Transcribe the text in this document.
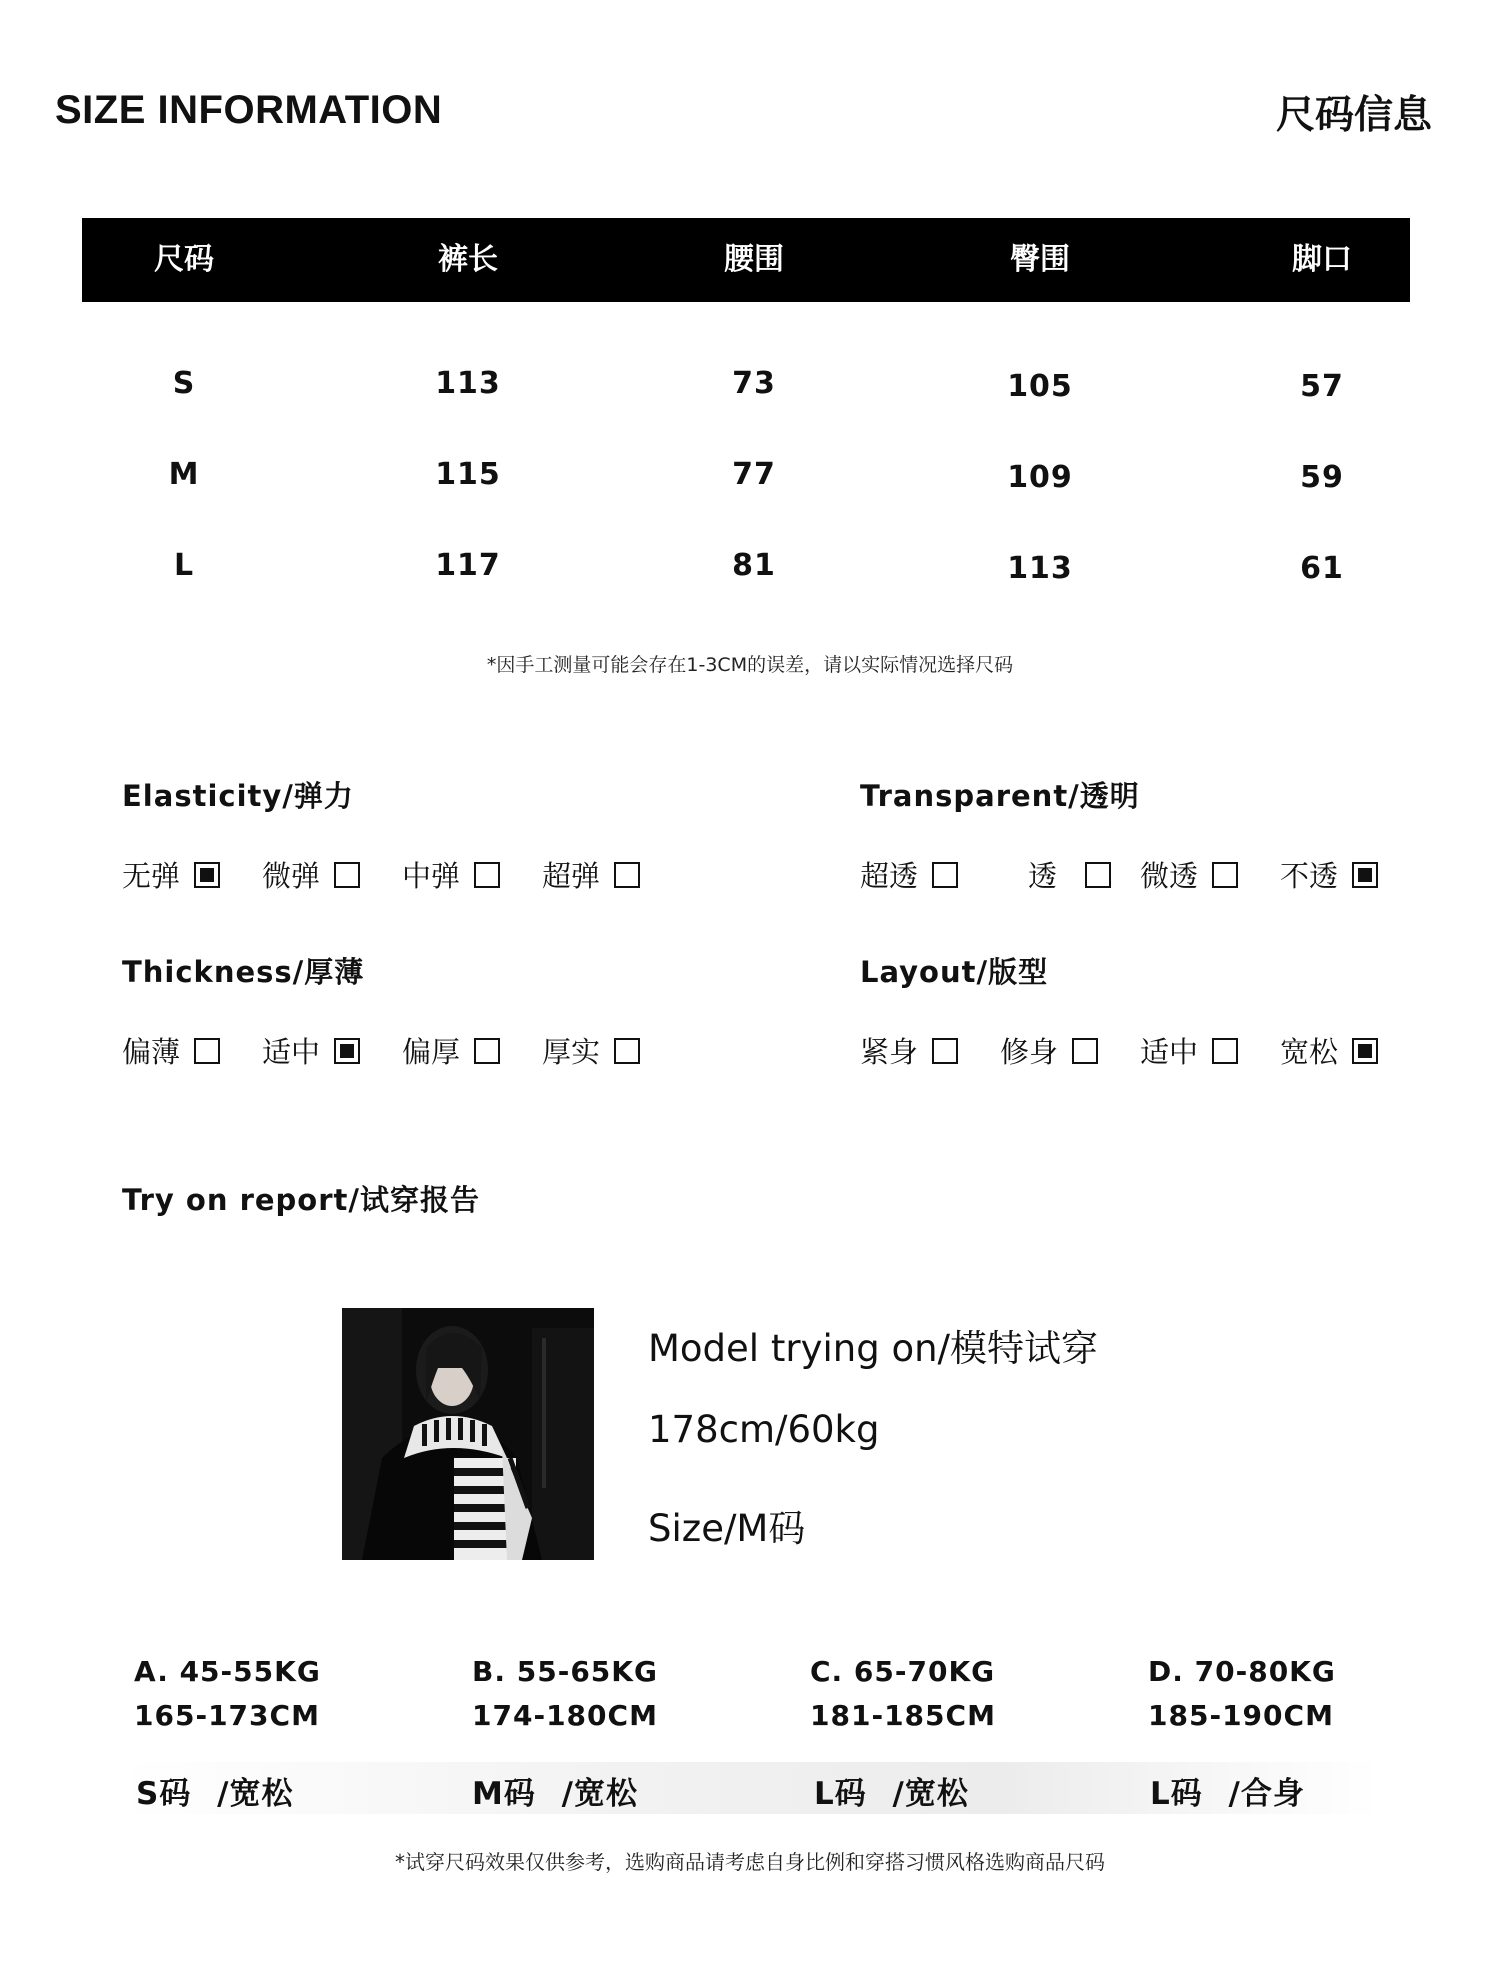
SIZE INFORMATION	尺码信息
尺码	裤长	腰围	臀围	脚口
S	113	73	105	57
M	115	77	109	59
L	117	81	113	61
*因手工测量可能会存在1-3CM的误差，请以实际情况选择尺码
Elasticity/弹力
无弹	微弹	中弹	超弹
Transparent/透明
超透	透	微透	不透
Thickness/厚薄
偏薄	适中	偏厚	厚实
Layout/版型
紧身	修身	适中	宽松
Try on report/试穿报告
Model trying on/模特试穿
178cm/60kg
Size/M码
A. 45-55KG
165-173CM
B. 55-65KG
174-180CM
C. 65-70KG
181-185CM
D. 70-80KG
185-190CM
S码 /宽松	M码 /宽松	L码 /宽松	L码 /合身
*试穿尺码效果仅供参考，选购商品请考虑自身比例和穿搭习惯风格选购商品尺码
